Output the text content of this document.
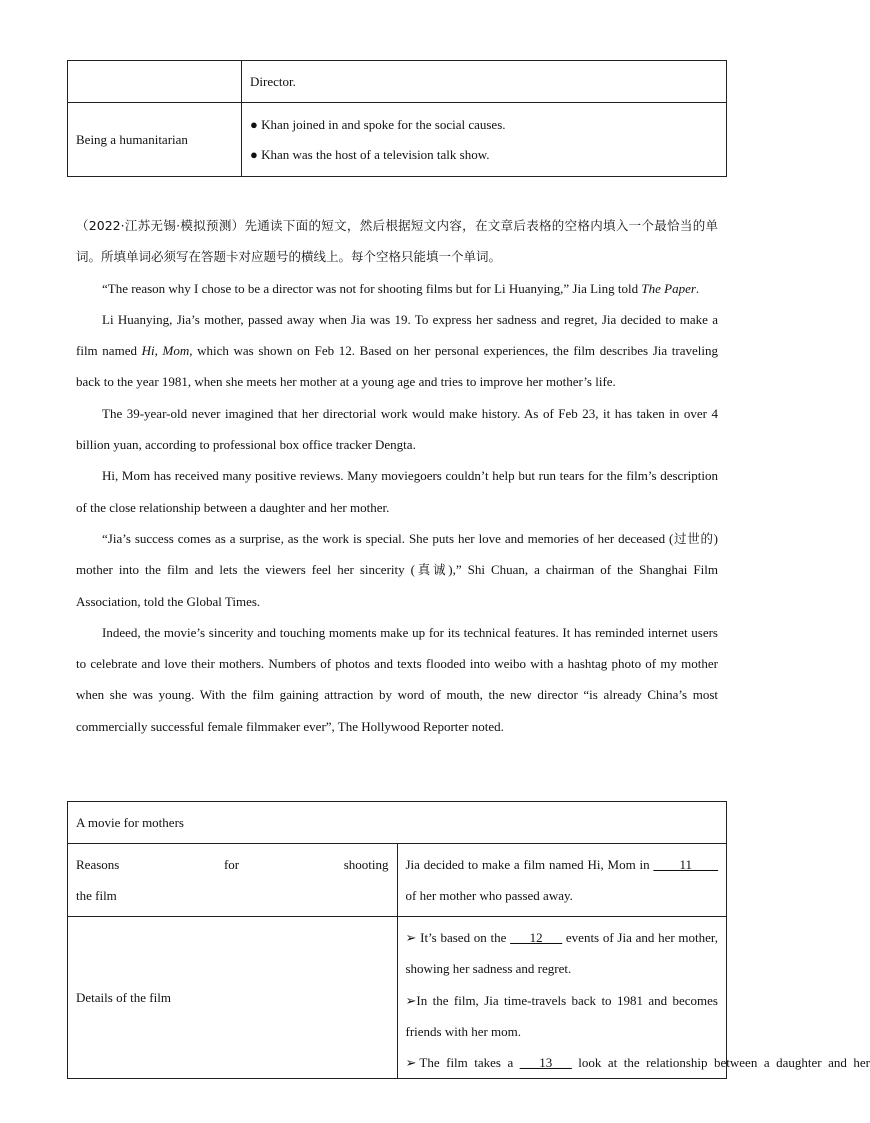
	Director.
Being a humanitarian	● Khan joined in and spoke for the social causes.
● Khan was the host of a television talk show.

（2022·江苏无锡·模拟预测）先通读下面的短文，然后根据短文内容，在文章后表格的空格内填入一个最恰当的单词。所填单词必须写在答题卡对应题号的横线上。每个空格只能填一个单词。

“The reason why I chose to be a director was not for shooting films but for Li Huanying,” Jia Ling told The Paper.

Li Huanying, Jia’s mother, passed away when Jia was 19. To express her sadness and regret, Jia decided to make a film named Hi, Mom, which was shown on Feb 12. Based on her personal experiences, the film describes Jia traveling back to the year 1981, when she meets her mother at a young age and tries to improve her mother’s life.

The 39-year-old never imagined that her directorial work would make history. As of Feb 23, it has taken in over 4 billion yuan, according to professional box office tracker Dengta.

Hi, Mom has received many positive reviews. Many moviegoers couldn’t help but run tears for the film’s description of the close relationship between a daughter and her mother.

“Jia’s success comes as a surprise, as the work is special. She puts her love and memories of her deceased (过世的) mother into the film and lets the viewers feel her sincerity (真诚),” Shi Chuan, a chairman of the Shanghai Film Association, told the Global Times.

Indeed, the movie’s sincerity and touching moments make up for its technical features. It has reminded internet users to celebrate and love their mothers. Numbers of photos and texts flooded into weibo with a hashtag photo of my mother when she was young. With the film gaining attraction by word of mouth, the new director “is already China’s most commercially successful female filmmaker ever”, The Hollywood Reporter noted.

A movie for mothers	

Reasons for shooting

the film	Jia decided to make a film named Hi, Mom in ____11____ of her mother who passed away.

Details of the film	➢ It’s based on the ___12___ events of Jia and her mother, showing her sadness and regret.

➢In the film, Jia time-travels back to 1981 and becomes friends with her mom.

➢ The  film  takes  a  ___13___  look  at  the  relationship  between  a  daughter  and  her
